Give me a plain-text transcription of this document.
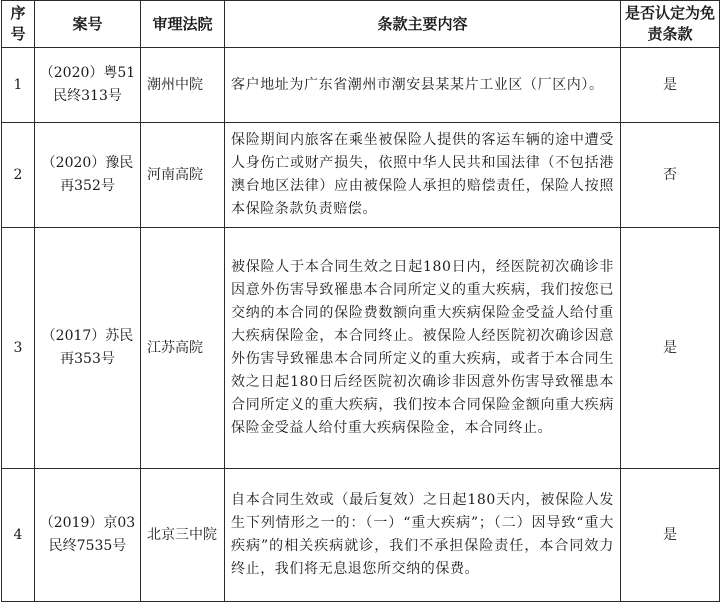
序号	案号	审理法院	条款主要内容	是否认定为免责条款
1	（2020）粤51民终313号	潮州中院	客户地址为广东省潮州市潮安县某某片工业区（厂区内）。	是
2	（2020）豫民再352号	河南高院	保险期间内旅客在乘坐被保险人提供的客运车辆的途中遭受人身伤亡或财产损失，依照中华人民共和国法律（不包括港澳台地区法律）应由被保险人承担的赔偿责任，保险人按照本保险条款负责赔偿。	否
3	（2017）苏民再353号	江苏高院	被保险人于本合同生效之日起180日内，经医院初次确诊非因意外伤害导致罹患本合同所定义的重大疾病，我们按您已交纳的本合同的保险费数额向重大疾病保险金受益人给付重大疾病保险金，本合同终止。被保险人经医院初次确诊因意外伤害导致罹患本合同所定义的重大疾病，或者于本合同生效之日起180日后经医院初次确诊非因意外伤害导致罹患本合同所定义的重大疾病，我们按本合同保险金额向重大疾病保险金受益人给付重大疾病保险金，本合同终止。	是
4	（2019）京03民终7535号	北京三中院	自本合同生效或（最后复效）之日起180天内，被保险人发生下列情形之一的：（一）“重大疾病”；（二）因导致“重大疾病”的相关疾病就诊，我们不承担保险责任，本合同效力终止，我们将无息退您所交纳的保费。	是
